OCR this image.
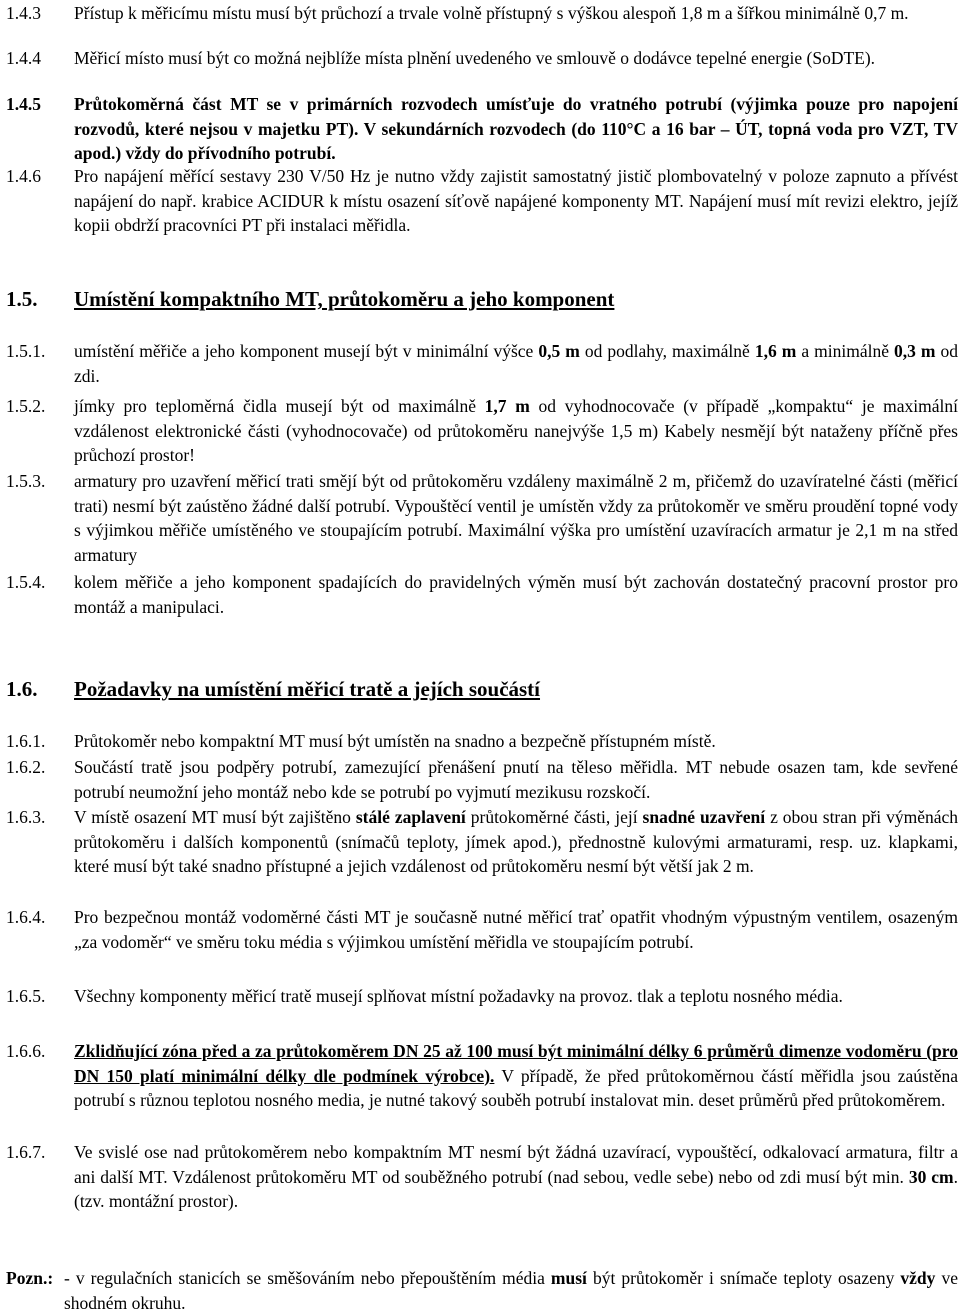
1.4.3 Přístup k měřicímu místu musí být průchozí a trvale volně přístupný s výškou alespoň 1,8 m a šířkou minimálně 0,7 m.
1.4.4 Měřicí místo musí být co možná nejblíže místa plnění uvedeného ve smlouvě o dodávce tepelné energie (SoDTE).
1.4.5 Průtokoměrná část MT se v primárních rozvodech umísťuje do vratného potrubí (výjimka pouze pro napojení rozvodů, které nejsou v majetku PT). V sekundárních rozvodech (do 110°C a 16 bar – ÚT, topná voda pro VZT, TV apod.) vždy do přívodního potrubí.
1.4.6 Pro napájení měřící sestavy 230 V/50 Hz je nutno vždy zajistit samostatný jistič plombovatelný v poloze zapnuto a přívést napájení do např. krabice ACIDUR k místu osazení síťově napájené komponenty MT. Napájení musí mít revizi elektro, jejíž kopii obdrží pracovníci PT při instalaci měřidla.
1.5. Umístění kompaktního MT, průtokoměru a jeho komponent
1.5.1. umístění měřiče a jeho komponent musejí být v minimální výšce 0,5 m od podlahy, maximálně 1,6 m a minimálně 0,3 m od zdi.
1.5.2. jímky pro teploměrná čidla musejí být od maximálně 1,7 m od vyhodnocovače (v případě „kompaktu“ je maximální vzdálenost elektronické části (vyhodnocovače) od průtokoměru nanejvýše 1,5 m) Kabely nesmějí být nataženy příčně přes průchozí prostor!
1.5.3. armatury pro uzavření měřicí trati smějí být od průtokoměru vzdáleny maximálně 2 m, přičemž do uzavíratelné části (měřicí trati) nesmí být zaústěno žádné další potrubí. Vypouštěcí ventil je umístěn vždy za průtokoměr ve směru proudění topné vody s výjimkou měřiče umístěného ve stoupajícím potrubí. Maximální výška pro umístění uzavíracích armatur je 2,1 m na střed armatury
1.5.4. kolem měřiče a jeho komponent spadajících do pravidelných výměn musí být zachován dostatečný pracovní prostor pro montáž a manipulaci.
1.6. Požadavky na umístění měřicí tratě a jejích součástí
1.6.1. Průtokoměr nebo kompaktní MT musí být umístěn na snadno a bezpečně přístupném místě.
1.6.2. Součástí tratě jsou podpěry potrubí, zamezující přenášení pnutí na těleso měřidla. MT nebude osazen tam, kde sevřené potrubí neumožní jeho montáž nebo kde se potrubí po vyjmutí mezikusu rozskočí.
1.6.3. V místě osazení MT musí být zajištěno stálé zaplavení průtokoměrné části, její snadné uzavření z obou stran při výměnách průtokoměru i dalších komponentů (snímačů teploty, jímek apod.), přednostně kulovými armaturami, resp. uz. klapkami, které musí být také snadno přístupné a jejich vzdálenost od průtokoměru nesmí být větší jak 2 m.
1.6.4. Pro bezpečnou montáž vodoměrné části MT je současně nutné měřicí trať opatřit vhodným výpustným ventilem, osazeným „za vodoměr“ ve směru toku média s výjimkou umístění měřidla ve stoupajícím potrubí.
1.6.5.	Všechny komponenty měřicí tratě musejí splňovat místní požadavky na provoz. tlak a teplotu nosného média.
1.6.6. Zklidňující zóna před a za průtokoměrem DN 25 až 100 musí být minimální délky 6 průměrů dimenze vodoměru (pro DN 150 platí minimální délky dle podmínek výrobce). V případě, že před průtokoměrnou částí měřidla jsou zaústěna potrubí s různou teplotou nosného media, je nutné takový souběh potrubí instalovat min. deset průměrů před průtokoměrem.
1.6.7. Ve svislé ose nad průtokoměrem nebo kompaktním MT nesmí být žádná uzavírací, vypouštěcí, odkalovací armatura, filtr a ani další MT. Vzdálenost průtokoměru MT od souběžného potrubí (nad sebou, vedle sebe) nebo od zdi musí být min. 30 cm. (tzv. montážní prostor).
Pozn.: - v regulačních stanicích se směšováním nebo přepouštěním média musí být průtokoměr i snímače teploty osazeny vždy ve shodném okruhu.
